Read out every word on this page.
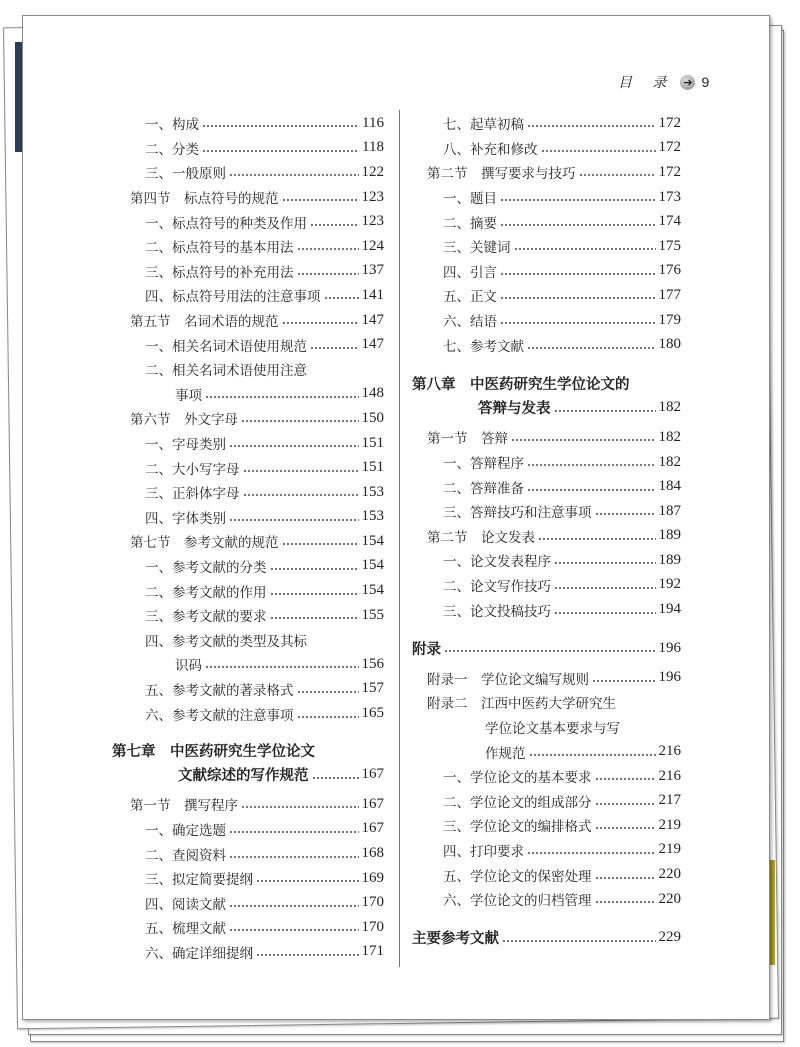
目 录 ➔ 9
一、构成	116
二、分类	118
三、一般原则	122
第四节　标点符号的规范	123
一、标点符号的种类及作用	123
二、标点符号的基本用法	124
三、标点符号的补充用法	137
四、标点符号用法的注意事项	141
第五节　名词术语的规范	147
一、相关名词术语使用规范	147
二、相关名词术语使用注意
事项	148
第六节　外文字母	150
一、字母类别	151
二、大小写字母	151
三、正斜体字母	153
四、字体类别	153
第七节　参考文献的规范	154
一、参考文献的分类	154
二、参考文献的作用	154
三、参考文献的要求	155
四、参考文献的类型及其标
识码	156
五、参考文献的著录格式	157
六、参考文献的注意事项	165
第七章　中医药研究生学位论文
文献综述的写作规范	167
第一节　撰写程序	167
一、确定选题	167
二、查阅资料	168
三、拟定简要提纲	169
四、阅读文献	170
五、梳理文献	170
六、确定详细提纲	171
七、起草初稿	172
八、补充和修改	172
第二节　撰写要求与技巧	172
一、题目	173
二、摘要	174
三、关键词	175
四、引言	176
五、正文	177
六、结语	179
七、参考文献	180
第八章　中医药研究生学位论文的
答辩与发表	182
第一节　答辩	182
一、答辩程序	182
二、答辩准备	184
三、答辩技巧和注意事项	187
第二节　论文发表	189
一、论文发表程序	189
二、论文写作技巧	192
三、论文投稿技巧	194
附录	196
附录一　学位论文编写规则	196
附录二　江西中医药大学研究生
学位论文基本要求与写
作规范	216
一、学位论文的基本要求	216
二、学位论文的组成部分	217
三、学位论文的编排格式	219
四、打印要求	219
五、学位论文的保密处理	220
六、学位论文的归档管理	220
主要参考文献	229
